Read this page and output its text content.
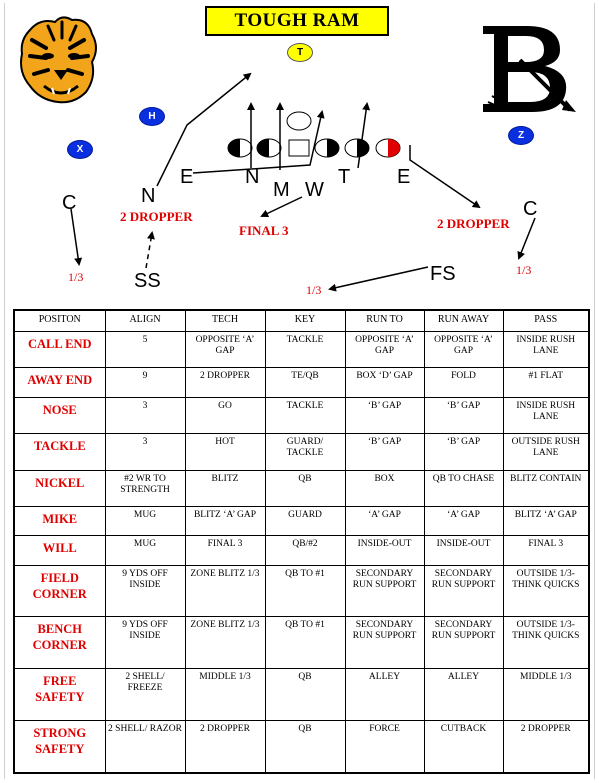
TOUGH RAM
T
H
X
Z
E	N
M W
T E
N
C	C
SS	FS
2 DROPPER
FINAL 3	2 DROPPER
1/3	1/3
1/3
POSITON	ALIGN	TECH	KEY	RUN TO	RUN AWAY	PASS
CALL END	5	OPPOSITE ‘A’ GAP	TACKLE	OPPOSITE ‘A’ GAP	OPPOSITE ‘A’ GAP	INSIDE RUSH LANE
AWAY END	9	2 DROPPER	TE/QB	BOX ‘D’ GAP	FOLD	#1 FLAT
NOSE	3	GO	TACKLE	‘B’ GAP	‘B’ GAP	INSIDE RUSH LANE
TACKLE	3	HOT	GUARD/ TACKLE	‘B’ GAP	‘B’ GAP	OUTSIDE RUSH LANE
NICKEL	#2 WR TO STRENGTH	BLITZ	QB	BOX	QB TO CHASE	BLITZ CONTAIN
MIKE	MUG	BLITZ ‘A’ GAP	GUARD	‘A’ GAP	‘A’ GAP	BLITZ ‘A’ GAP
WILL	MUG	FINAL 3	QB/#2	INSIDE-OUT	INSIDE-OUT	FINAL 3
FIELD CORNER	9 YDS OFF INSIDE	ZONE BLITZ 1/3	QB TO #1	SECONDARY RUN SUPPORT	SECONDARY RUN SUPPORT	OUTSIDE 1/3- THINK QUICKS
BENCH CORNER	9 YDS OFF INSIDE	ZONE BLITZ 1/3	QB TO #1	SECONDARY RUN SUPPORT	SECONDARY RUN SUPPORT	OUTSIDE 1/3- THINK QUICKS
FREE SAFETY	2 SHELL/ FREEZE	MIDDLE 1/3	QB	ALLEY	ALLEY	MIDDLE 1/3
STRONG SAFETY	2 SHELL/ RAZOR	2 DROPPER	QB	FORCE	CUTBACK	2 DROPPER
